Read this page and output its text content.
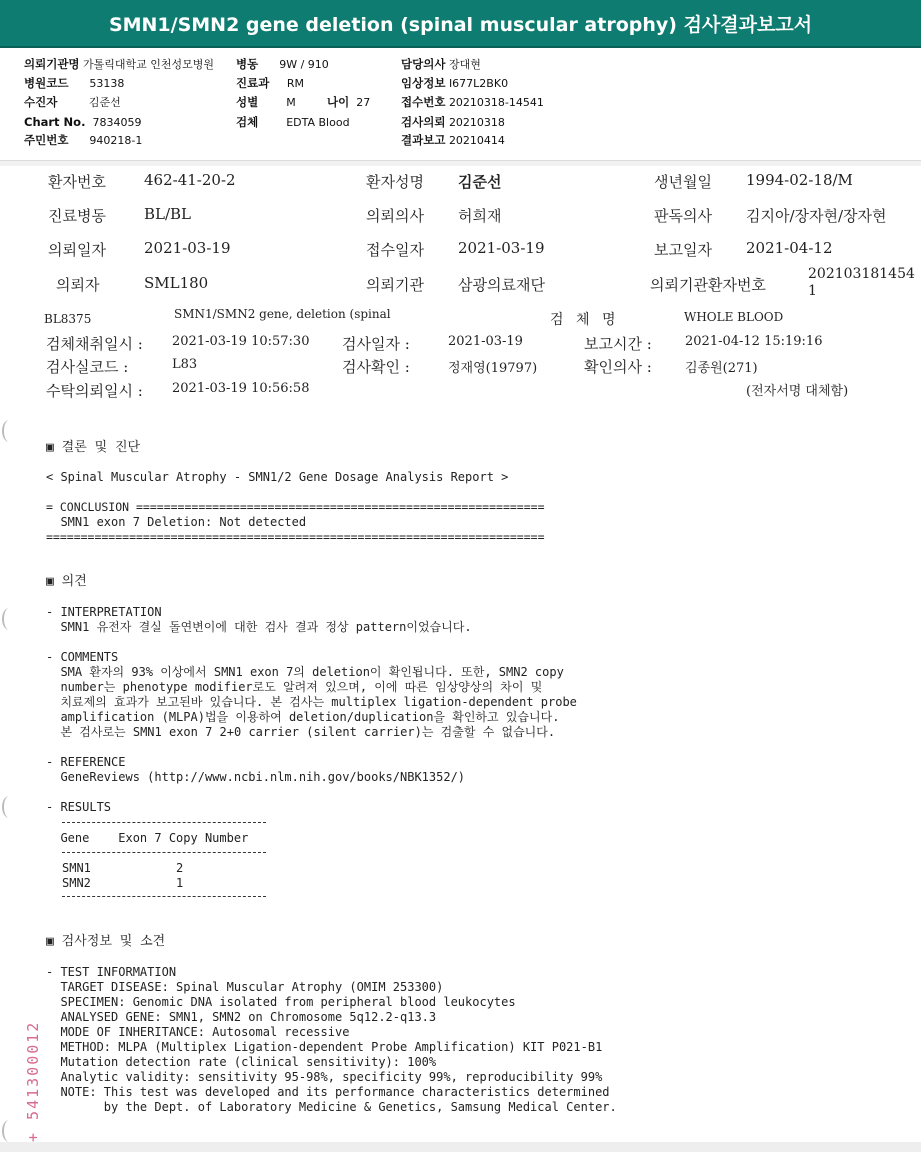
SMN1/SMN2 gene deletion (spinal muscular atrophy) 검사결과보고서
의뢰기관명 가톨릭대학교 인천성모병원
병원코드 53138
수진자	김준선
Chart No. 7834059
주민번호 940218-1
병동 9W / 910
진료과 RM
성별	M	나이 27
검체	EDTA Blood
담당의사 장대현
임상정보 I677L2BK0
접수번호 20210318-14541
검사의뢰 20210318
결과보고 20210414
환자번호	462-41-20-2	환자성명 김준선	생년월일 1994-02-18/M
진료병동	BL/BL	의뢰의사 허희재	판독의사 김지아/장자현/장자현
의뢰일자	2021-03-19	접수일자 2021-03-19	보고일자 2021-04-12
의뢰자	SML180	의뢰기관 삼광의료재단	의뢰기관환자번호
202103181454
1
BL8375	SMN1/SMN2 gene, deletion (spinal	검 체 명	WHOLE BLOOD
검체채취일시 : 2021-03-19 10:57:30 검사일자 :	2021-03-19	보고시간 :	2021-04-12 15:19:16
검사실코드 :	L83	검사확인 :	정재영(19797)	확인의사 :	김종원(271)
수탁의뢰일시 : 2021-03-19 10:56:58	(전자서명 대체함)
▣ 결론 및 진단
< Spinal Muscular Atrophy - SMN1/2 Gene Dosage Analysis Report >
= CONCLUSION ===========================================================
SMN1 exon 7 Deletion: Not detected
========================================================================
▣ 의견
- INTERPRETATION
SMN1 유전자 결실 돌연변이에 대한 검사 결과 정상 pattern이었습니다.
- COMMENTS
SMA 환자의 93% 이상에서 SMN1 exon 7의 deletion이 확인됩니다. 또한, SMN2 copy
number는 phenotype modifier로도 알려져 있으며, 이에 따른 임상양상의 차이 및
치료제의 효과가 보고된바 있습니다. 본 검사는 multiplex ligation-dependent probe
amplification (MLPA)법을 이용하여 deletion/duplication을 확인하고 있습니다.
본 검사로는 SMN1 exon 7 2+0 carrier (silent carrier)는 검출할 수 없습니다.
- REFERENCE
GeneReviews (http://www.ncbi.nlm.nih.gov/books/NBK1352/)
- RESULTS
Gene    Exon 7 Copy Number
SMN1	2
SMN2	1
▣ 검사정보 및 소견
- TEST INFORMATION
TARGET DISEASE: Spinal Muscular Atrophy (OMIM 253300)
SPECIMEN: Genomic DNA isolated from peripheral blood leukocytes
ANALYSED GENE: SMN1, SMN2 on Chromosome 5q12.2-q13.3
MODE OF INHERITANCE: Autosomal recessive
METHOD: MLPA (Multiplex Ligation-dependent Probe Amplification) KIT P021-B1
Mutation detection rate (clinical sensitivity): 100%
Analytic validity: sensitivity 95-98%, specificity 99%, reproducibility 99%
NOTE: This test was developed and its performance characteristics determined
by the Dept. of Laboratory Medicine & Genetics, Samsung Medical Center.
+ 541300012
